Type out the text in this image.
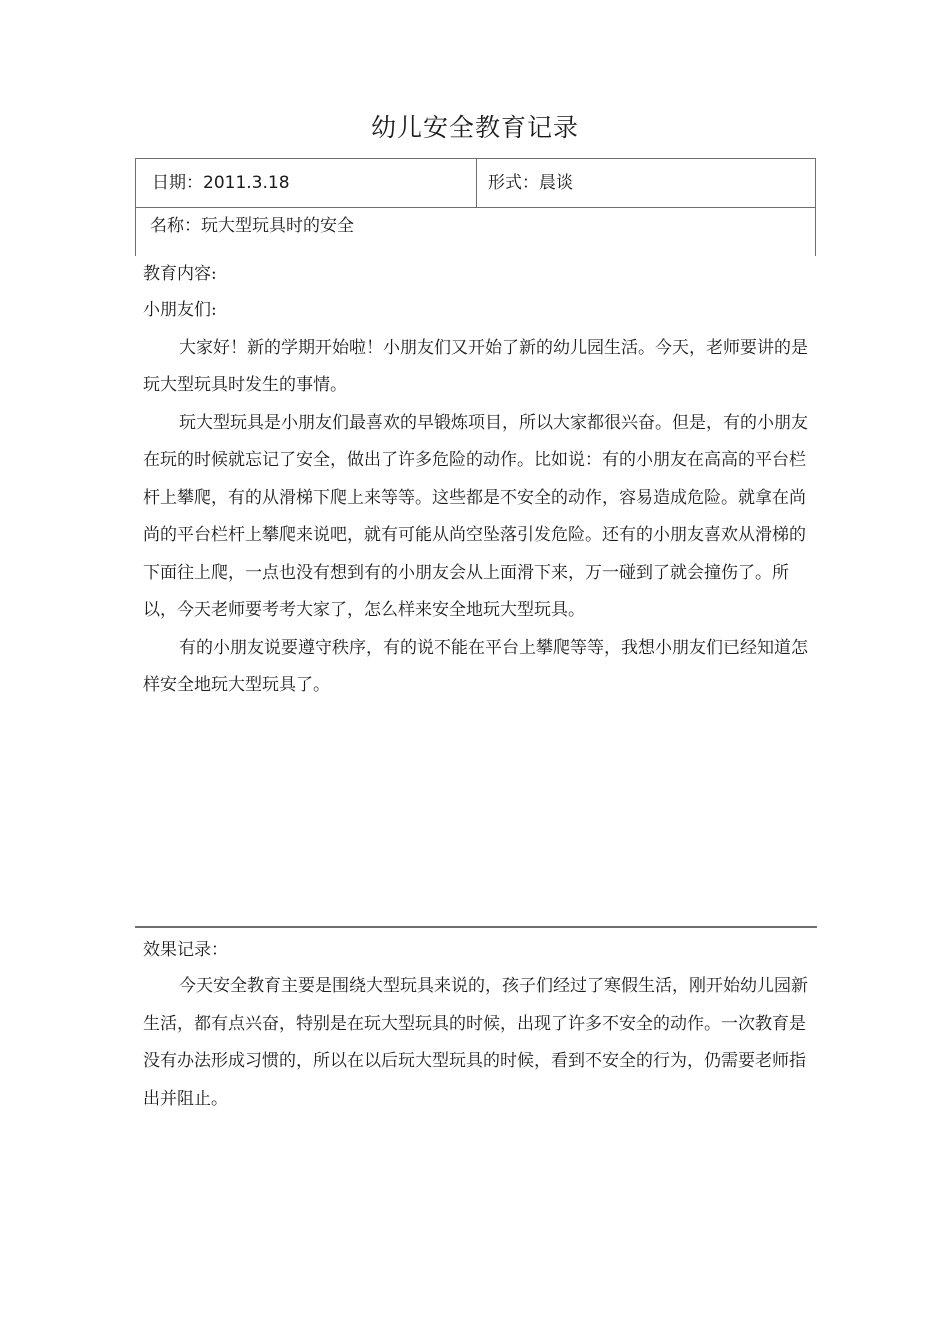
幼儿安全教育记录
日期：2011.3.18	形式：晨谈
名称：玩大型玩具时的安全

教育内容:

小朋友们:

大家好！新的学期开始啦！小朋友们又开始了新的幼儿园生活。今天，老师要讲的是玩大型玩具时发生的事情。

玩大型玩具是小朋友们最喜欢的早锻炼项目，所以大家都很兴奋。但是，有的小朋友在玩的时候就忘记了安全，做出了许多危险的动作。比如说：有的小朋友在高高的平台栏杆上攀爬，有的从滑梯下爬上来等等。这些都是不安全的动作，容易造成危险。就拿在尚尚的平台栏杆上攀爬来说吧，就有可能从尚空坠落引发危险。还有的小朋友喜欢从滑梯的下面往上爬，一点也没有想到有的小朋友会从上面滑下来，万一碰到了就会撞伤了。所以，今天老师要考考大家了，怎么样来安全地玩大型玩具。

有的小朋友说要遵守秩序，有的说不能在平台上攀爬等等，我想小朋友们已经知道怎样安全地玩大型玩具了。

效果记录：

今天安全教育主要是围绕大型玩具来说的，孩子们经过了寒假生活，刚开始幼儿园新生活，都有点兴奋，特别是在玩大型玩具的时候，出现了许多不安全的动作。一次教育是没有办法形成习惯的，所以在以后玩大型玩具的时候，看到不安全的行为，仍需要老师指出并阻止。
